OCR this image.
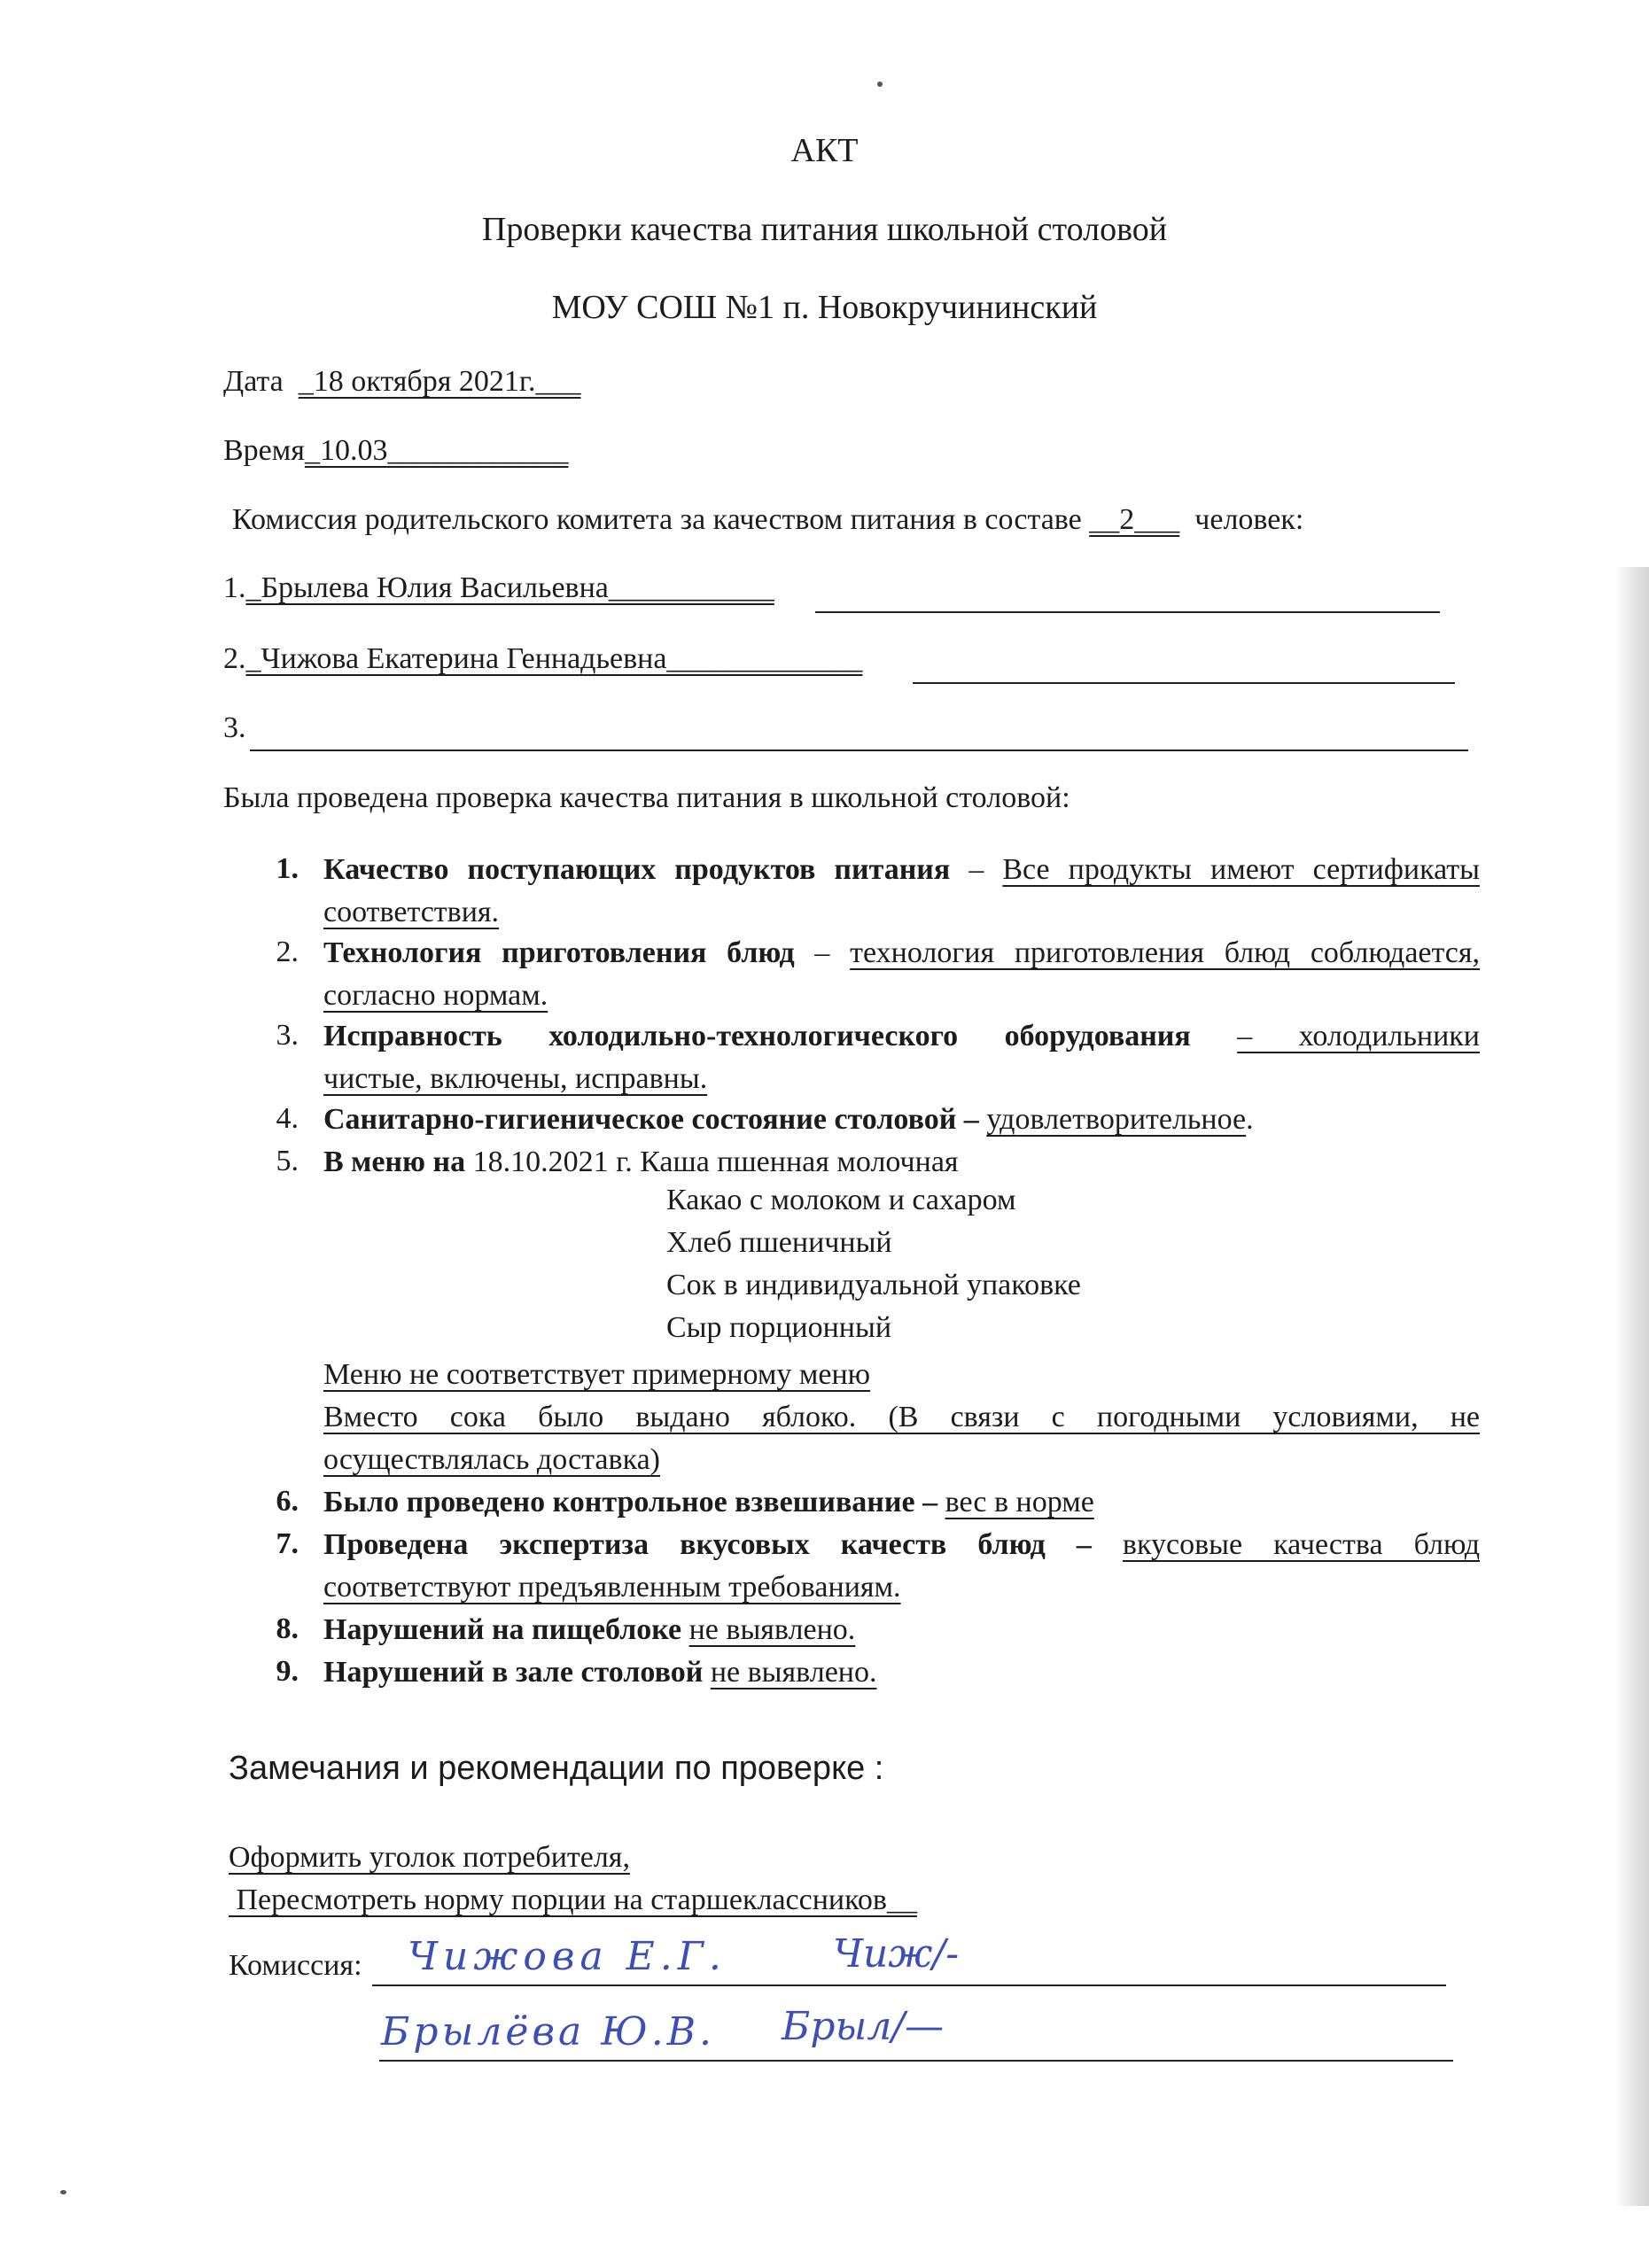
АКТ
Проверки качества питания школьной столовой
МОУ СОШ №1 п. Новокручининский
Дата _18 октября 2021г.___
Время_10.03____________
Комиссия родительского комитета за качеством питания в составе __2___ человек:
1._Брылева Юлия Васильевна___________
2._Чижова Екатерина Геннадьевна_____________
3.
Была проведена проверка качества питания в школьной столовой:
1. Качество поступающих продуктов питания – Все продукты имеют сертификаты
соответствия.
2. Технология приготовления блюд – технология приготовления блюд соблюдается,
согласно нормам.
3. Исправность холодильно-технологического оборудования – холодильники
чистые, включены, исправны.
4. Санитарно-гигиеническое состояние столовой – удовлетворительное.
5. В меню на 18.10.2021 г. Каша пшенная молочная
Какао с молоком и сахаром
Хлеб пшеничный
Сок в индивидуальной упаковке
Сыр порционный
Меню не соответствует примерному меню
Вместо сока было выдано яблоко. (В связи с погодными условиями, не
осуществлялась доставка)
6. Было проведено контрольное взвешивание – вес в норме
7. Проведена экспертиза вкусовых качеств блюд – вкусовые качества блюд
соответствуют предъявленным требованиям.
8. Нарушений на пищеблоке не выявлено.
9. Нарушений в зале столовой не выявлено.
Замечания и рекомендации по проверке :
Оформить уголок потребителя,
Пересмотреть норму порции на старшеклассников__
Комиссия: Чижова Е.Г.	Чиж/-
Брылёва Ю.В. Брыл/—
